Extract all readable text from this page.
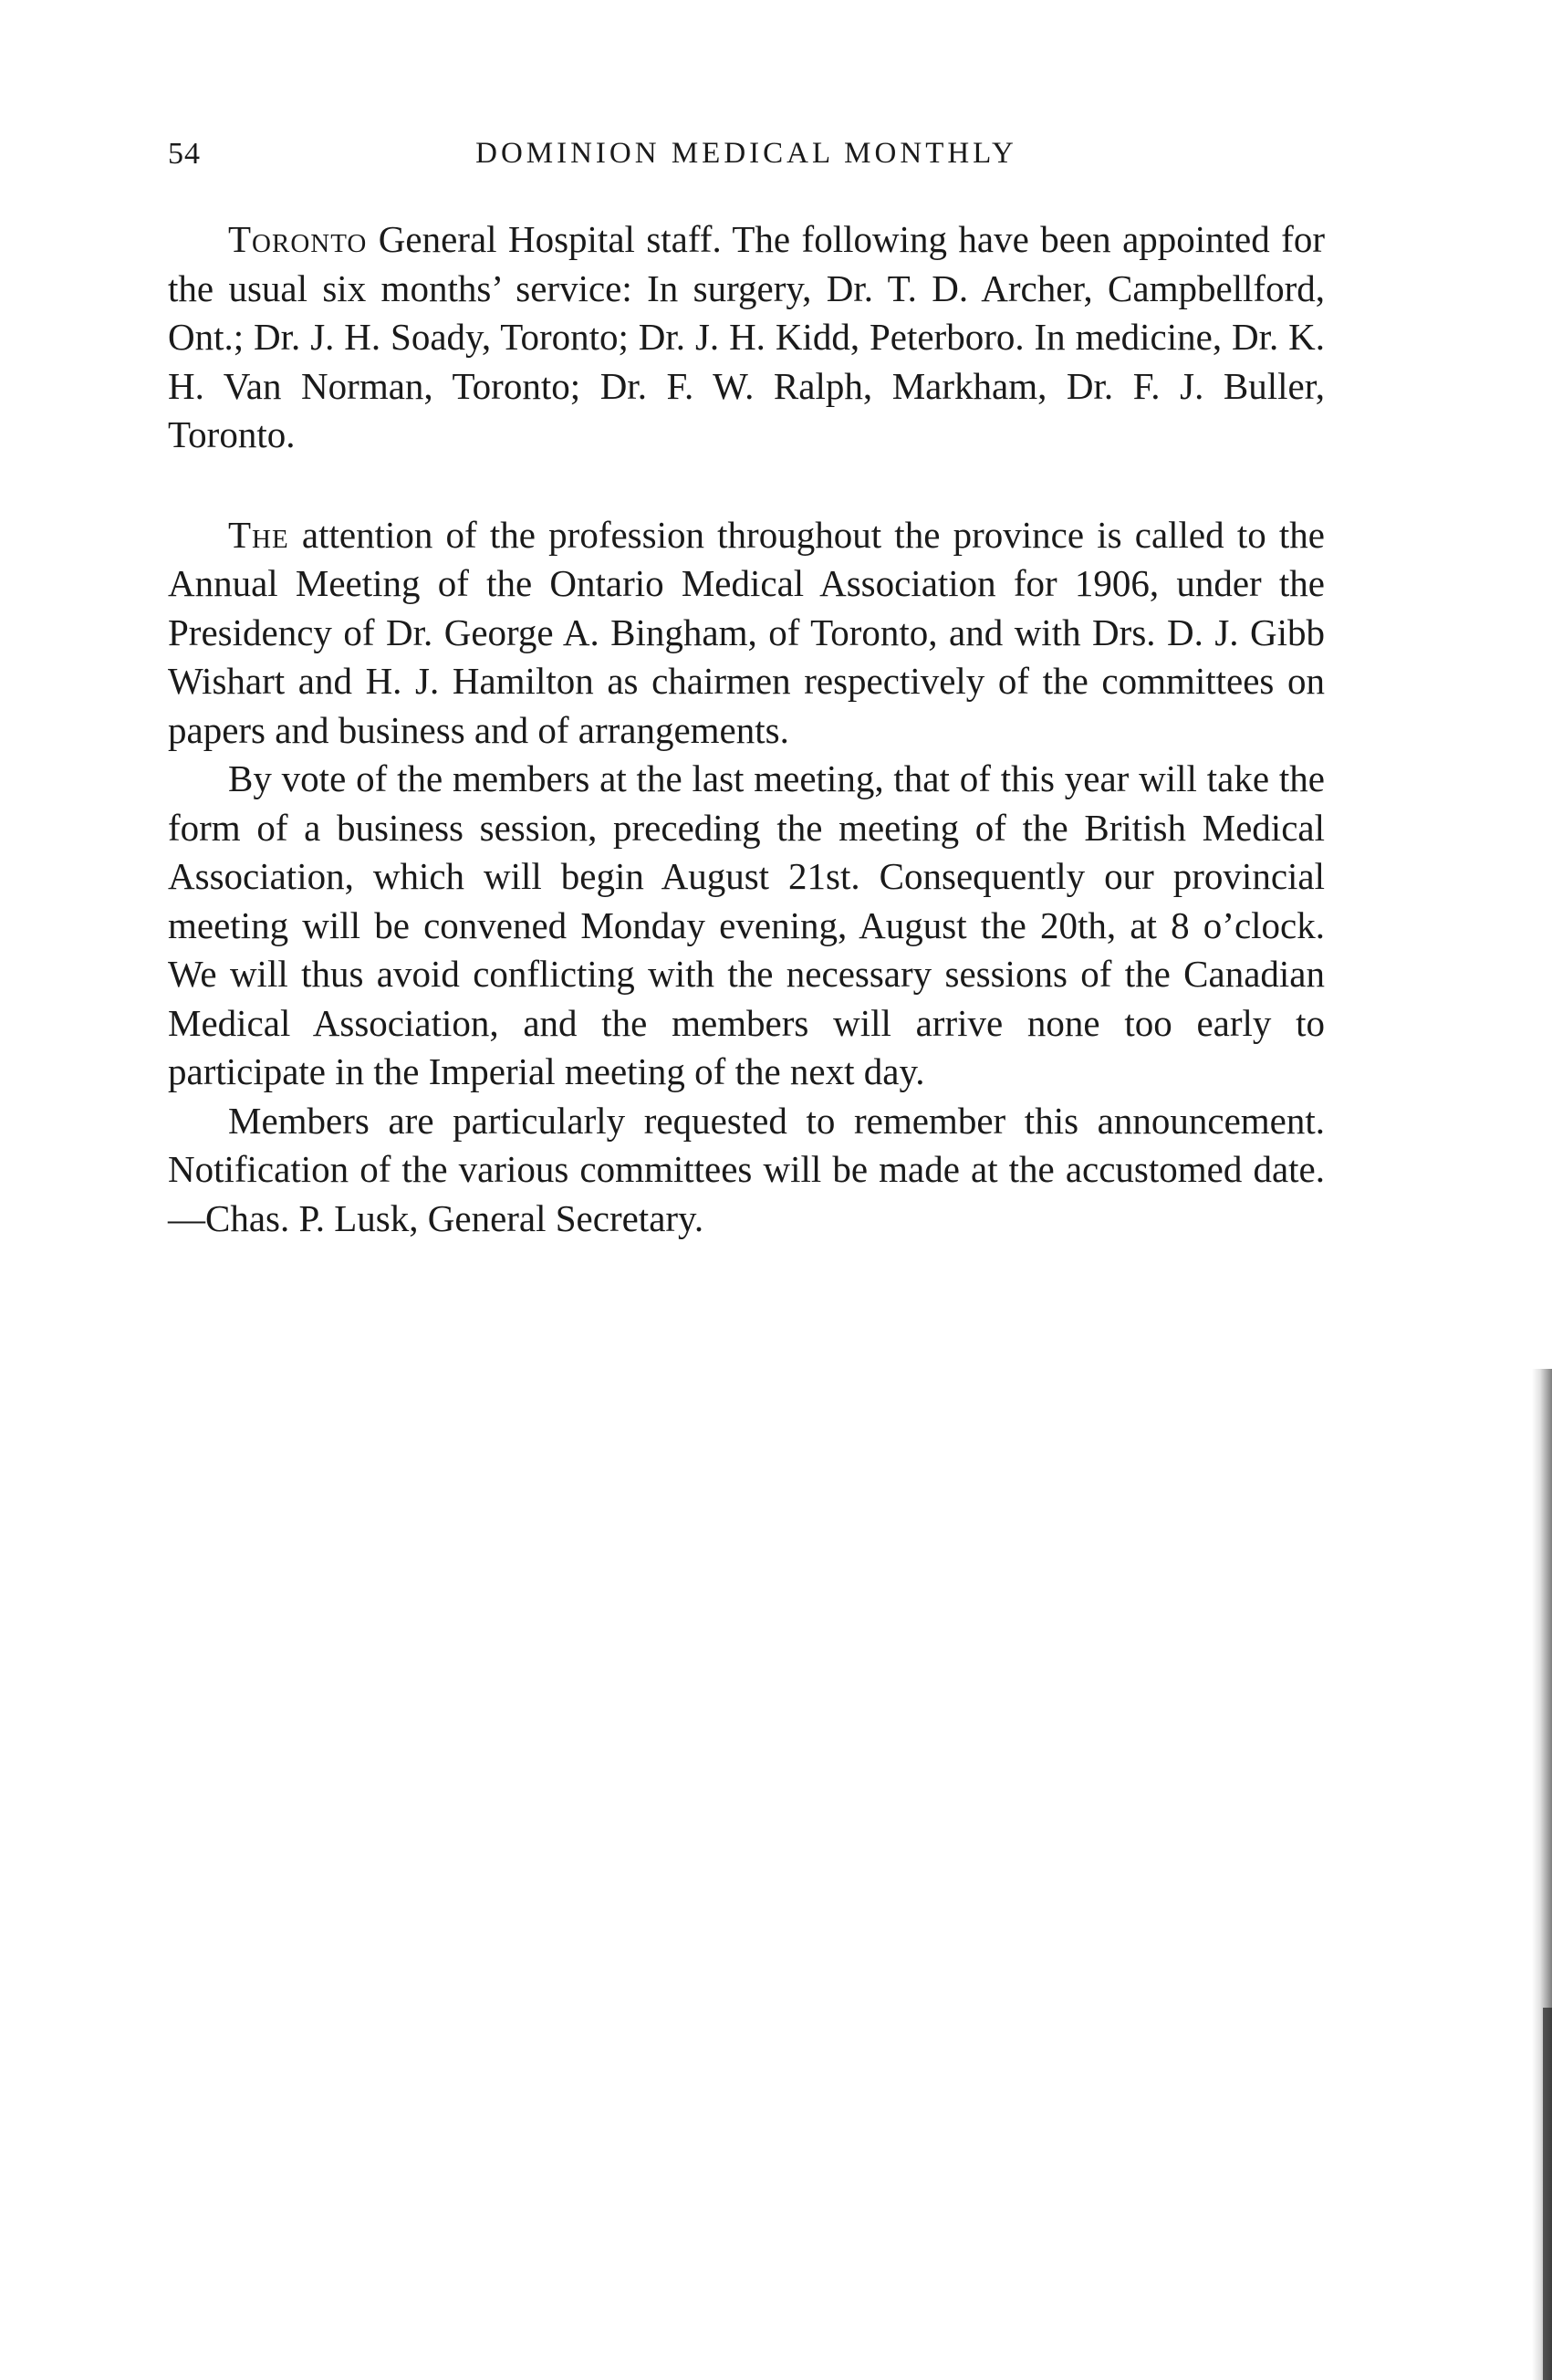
54	DOMINION MEDICAL MONTHLY

Toronto General Hospital staff. The following have been appointed for the usual six months’ service: In surgery, Dr. T. D. Archer, Campbellford, Ont.; Dr. J. H. Soady, Toronto; Dr. J. H. Kidd, Peterboro. In medicine, Dr. K. H. Van Norman, Toronto; Dr. F. W. Ralph, Markham, Dr. F. J. Buller, Toronto.

The attention of the profession throughout the province is called to the Annual Meeting of the Ontario Medical Association for 1906, under the Presidency of Dr. George A. Bingham, of Toronto, and with Drs. D. J. Gibb Wishart and H. J. Hamilton as chairmen respectively of the committees on papers and business and of arrangements.

By vote of the members at the last meeting, that of this year will take the form of a business session, preceding the meeting of the British Medical Association, which will begin August 21st. Consequently our provincial meeting will be convened Monday evening, August the 20th, at 8 o’clock. We will thus avoid conflicting with the necessary sessions of the Canadian Medical Association, and the members will arrive none too early to participate in the Imperial meeting of the next day.

Members are particularly requested to remember this announcement. Notification of the various committees will be made at the accustomed date.—Chas. P. Lusk, General Secretary.
